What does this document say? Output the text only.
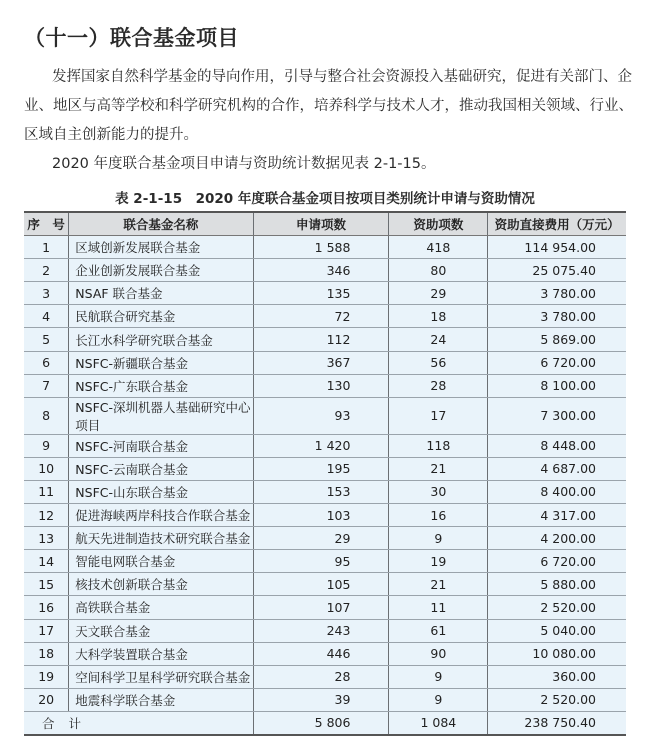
（十一）联合基金项目
发挥国家自然科学基金的导向作用，引导与整合社会资源投入基础研究，促进有关部门、企业、地区与高等学校和科学研究机构的合作，培养科学与技术人才，推动我国相关领域、行业、区域自主创新能力的提升。
2020 年度联合基金项目申请与资助统计数据见表 2-1-15。
表 2-1-15　2020 年度联合基金项目按项目类别统计申请与资助情况
序　号	联合基金名称	申请项数	资助项数	资助直接费用（万元）
1	区域创新发展联合基金	1 588	418	114 954.00
2	企业创新发展联合基金	346	80	25 075.40
3	NSAF 联合基金	135	29	3 780.00
4	民航联合研究基金	72	18	3 780.00
5	长江水科学研究联合基金	112	24	5 869.00
6	NSFC-新疆联合基金	367	56	6 720.00
7	NSFC-广东联合基金	130	28	8 100.00
8	NSFC-深圳机器人基础研究中心项目	93	17	7 300.00
9	NSFC-河南联合基金	1 420	118	8 448.00
10	NSFC-云南联合基金	195	21	4 687.00
11	NSFC-山东联合基金	153	30	8 400.00
12	促进海峡两岸科技合作联合基金	103	16	4 317.00
13	航天先进制造技术研究联合基金	29	9	4 200.00
14	智能电网联合基金	95	19	6 720.00
15	核技术创新联合基金	105	21	5 880.00
16	高铁联合基金	107	11	2 520.00
17	天文联合基金	243	61	5 040.00
18	大科学装置联合基金	446	90	10 080.00
19	空间科学卫星科学研究联合基金	28	9	360.00
20	地震科学联合基金	39	9	2 520.00
合计		5 806	1 084	238 750.40
